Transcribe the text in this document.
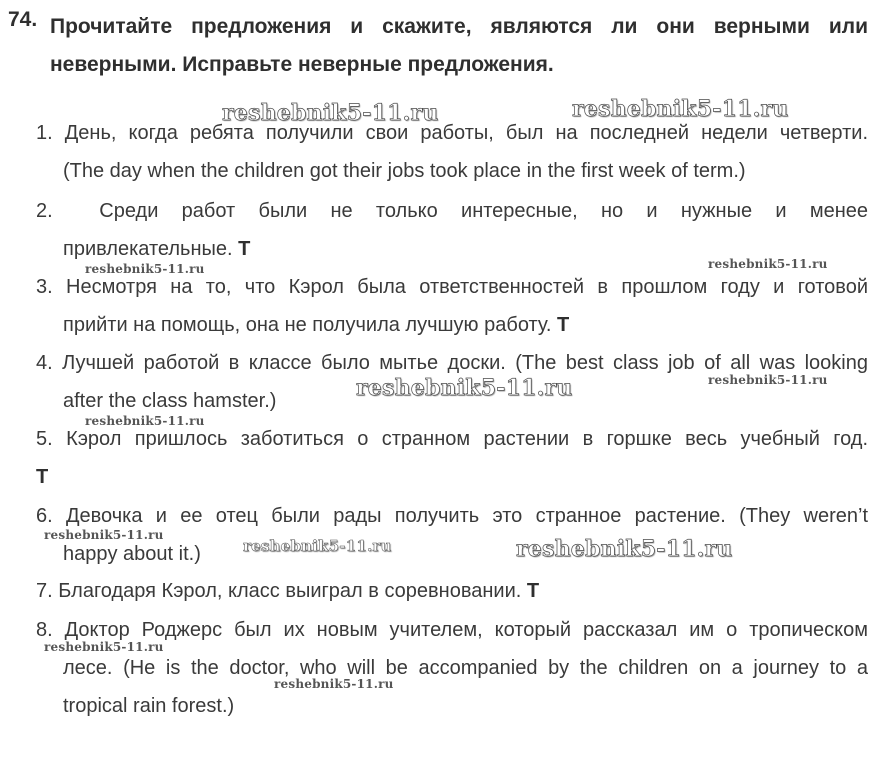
74. Прочитайте предложения и скажите, являются ли они верными или
неверными. Исправьте неверные предложения.
1. День, когда ребята получили свои работы, был на последней недели четверти.
(The day when the children got their jobs took place in the first week of term.)
2. Среди работ были не только интересные, но и нужные и менее
привлекательные. T
3. Несмотря на то, что Кэрол была ответственностей в прошлом году и готовой
прийти на помощь, она не получила лучшую работу. T
4. Лучшей работой в классе было мытье доски. (The best class job of all was looking
after the class hamster.)
5. Кэрол пришлось заботиться о странном растении в горшке весь учебный год.
T
6. Девочка и ее отец были рады получить это странное растение. (They weren’t
happy about it.)
7. Благодаря Кэрол, класс выиграл в соревновании. T
8. Доктор Роджерс был их новым учителем, который рассказал им о тропическом
лесе. (He is the doctor, who will be accompanied by the children on a journey to a
tropical rain forest.)
reshebnik5-11.ru	reshebnik5-11.ru
reshebnik5-11.ru	reshebnik5-11.ru
reshebnik5-11.ru	reshebnik5-11.ru
reshebnik5-11.ru
reshebnik5-11.ru
reshebnik5-11.ru	reshebnik5-11.ru
reshebnik5-11.ru
reshebnik5-11.ru
